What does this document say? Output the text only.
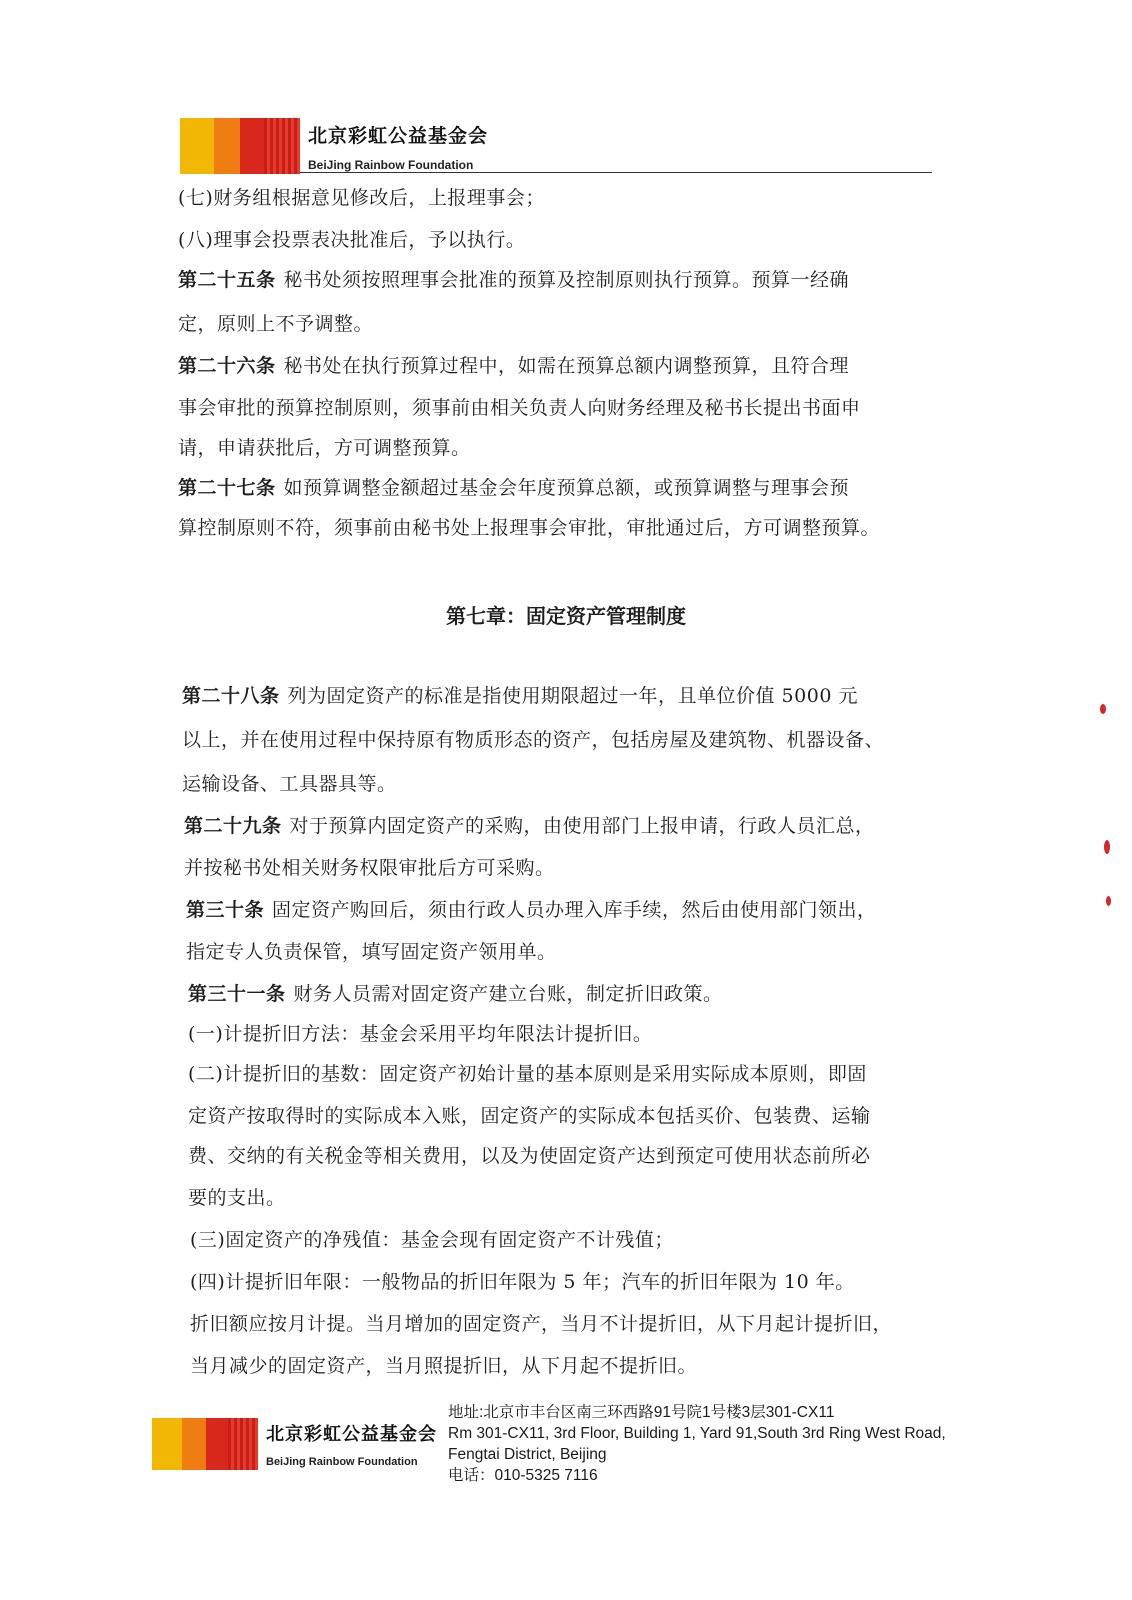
北京彩虹公益基金会
BeiJing Rainbow Foundation
(七)财务组根据意见修改后，上报理事会；
(八)理事会投票表决批准后，予以执行。
第二十五条 秘书处须按照理事会批准的预算及控制原则执行预算。预算一经确
定，原则上不予调整。
第二十六条 秘书处在执行预算过程中，如需在预算总额内调整预算，且符合理
事会审批的预算控制原则，须事前由相关负责人向财务经理及秘书长提出书面申
请，申请获批后，方可调整预算。
第二十七条 如预算调整金额超过基金会年度预算总额，或预算调整与理事会预
算控制原则不符，须事前由秘书处上报理事会审批，审批通过后，方可调整预算。
第七章：固定资产管理制度
第二十八条 列为固定资产的标准是指使用期限超过一年，且单位价值 5000 元
以上，并在使用过程中保持原有物质形态的资产，包括房屋及建筑物、机器设备、
运输设备、工具器具等。
第二十九条 对于预算内固定资产的采购，由使用部门上报申请，行政人员汇总，
并按秘书处相关财务权限审批后方可采购。
第三十条 固定资产购回后，须由行政人员办理入库手续，然后由使用部门领出，
指定专人负责保管，填写固定资产领用单。
第三十一条 财务人员需对固定资产建立台账，制定折旧政策。
(一)计提折旧方法：基金会采用平均年限法计提折旧。
(二)计提折旧的基数：固定资产初始计量的基本原则是采用实际成本原则，即固
定资产按取得时的实际成本入账，固定资产的实际成本包括买价、包装费、运输
费、交纳的有关税金等相关费用，以及为使固定资产达到预定可使用状态前所必
要的支出。
(三)固定资产的净残值：基金会现有固定资产不计残值；
(四)计提折旧年限：一般物品的折旧年限为 5 年；汽车的折旧年限为 10 年。
折旧额应按月计提。当月增加的固定资产，当月不计提折旧，从下月起计提折旧，
当月减少的固定资产，当月照提折旧，从下月起不提折旧。
北京彩虹公益基金会
BeiJing Rainbow Foundation
地址:北京市丰台区南三环西路91号院1号楼3层301-CX11
Rm 301-CX11, 3rd Floor, Building 1, Yard 91,South 3rd Ring West Road,
Fengtai District, Beijing
电话：010-5325 7116
